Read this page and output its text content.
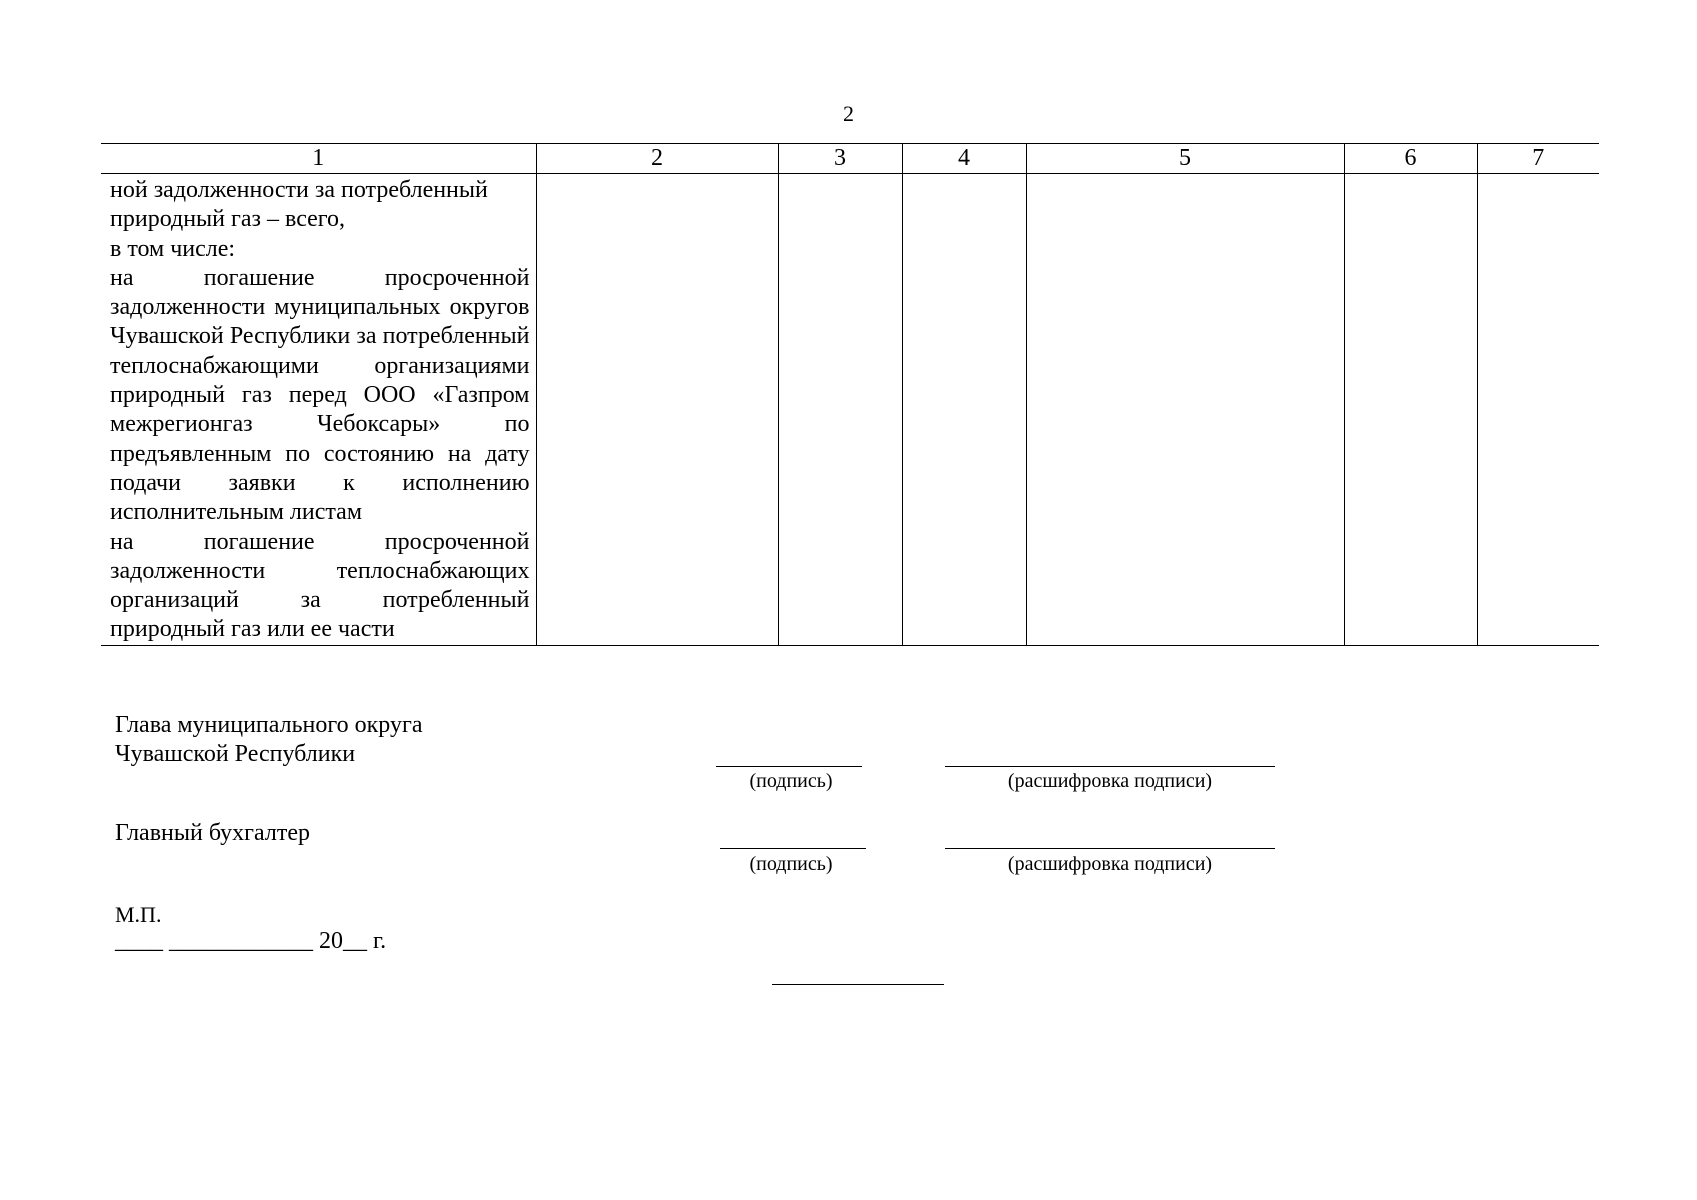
2
1	2	3	4	5	6	7

ной задолженности за потребленный природный газ – всего,

в том числе:

на погашение просроченной задолженности муниципальных округов Чувашской Республики за потребленный теплоснабжающими организациями природный газ перед ООО «Газпром межрегионгаз Чебоксары» по предъявленным по состоянию на дату подачи заявки к исполнению исполнительным листам

на погашение просроченной задолженности теплоснабжающих организаций за потребленный природный газ или ее части						

Глава муниципального округа
Чувашской Республики
(подпись)	(расшифровка подписи)
Главный бухгалтер
(подпись)	(расшифровка подписи)
М.П.
____ ____________ 20__ г.
